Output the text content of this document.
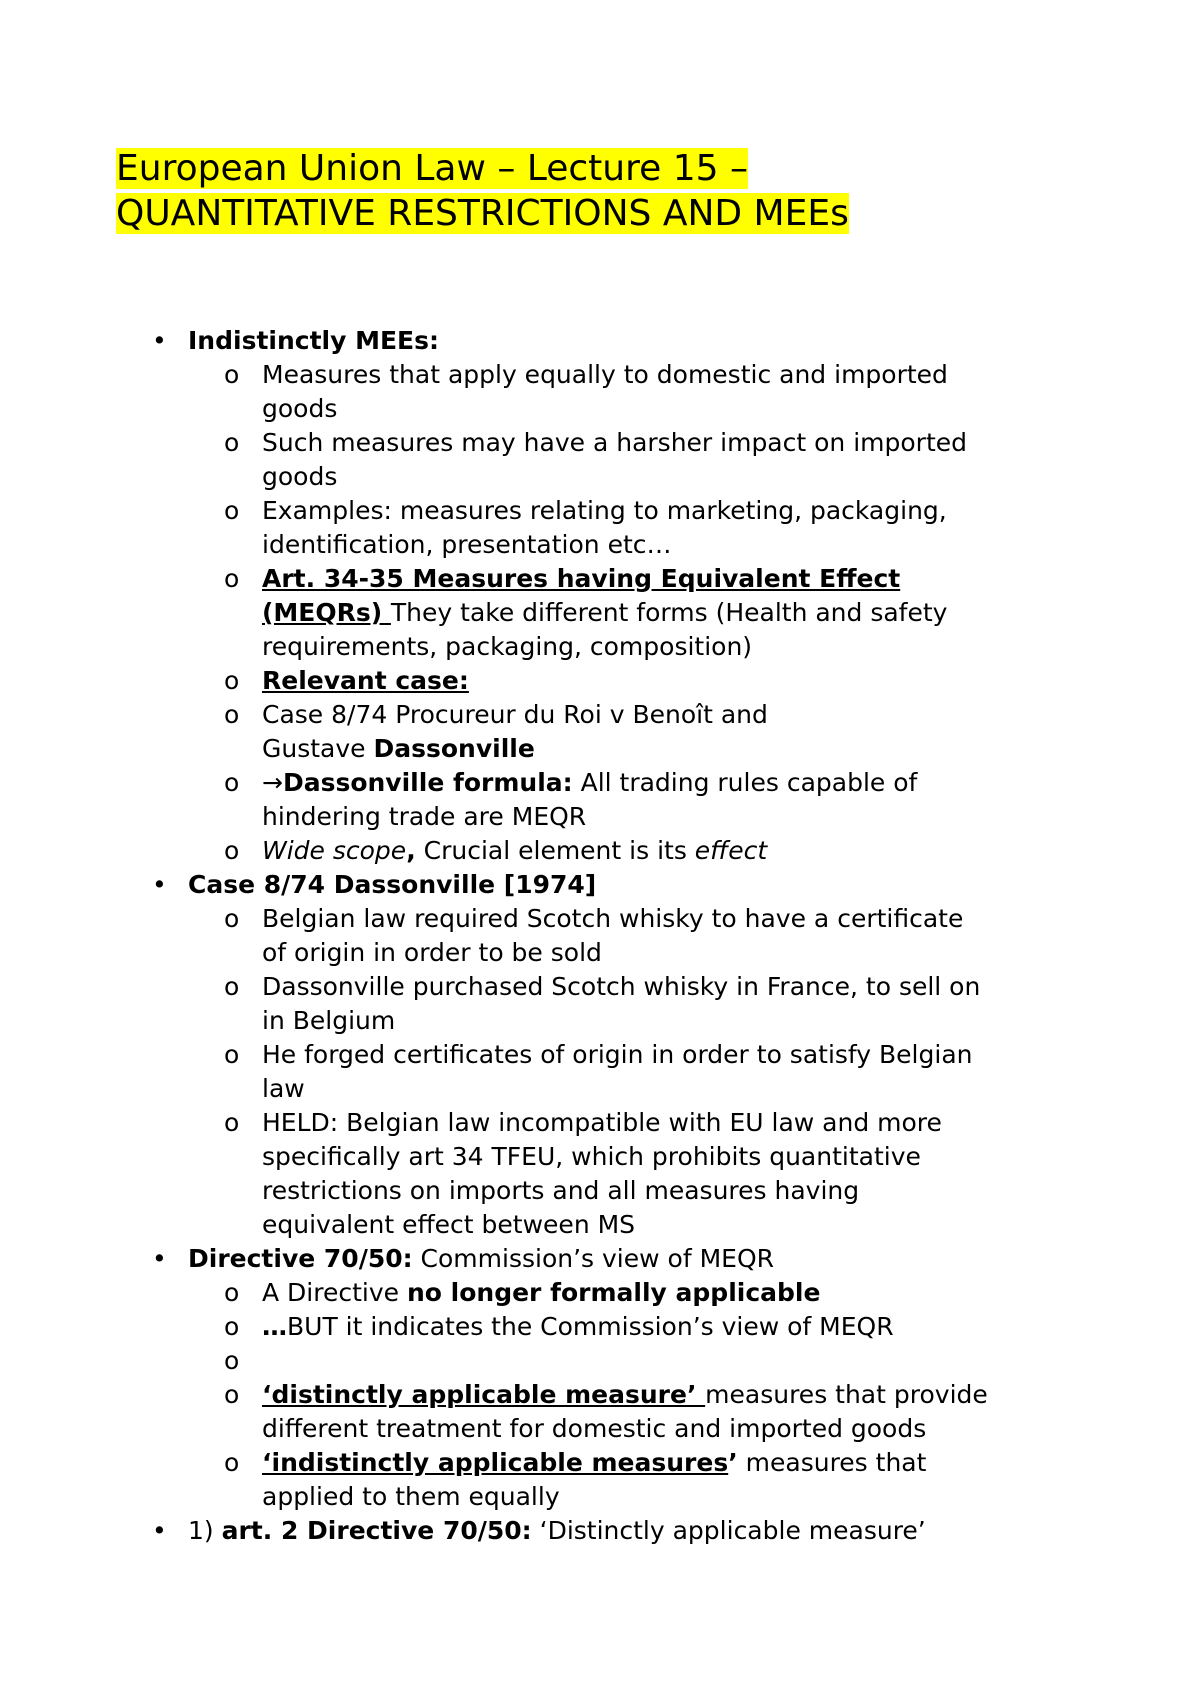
European Union Law – Lecture 15 –
QUANTITATIVE RESTRICTIONS AND MEEs
• Indistinctly MEEs:
o Measures that apply equally to domestic and imported
goods
o Such measures may have a harsher impact on imported
goods
o Examples: measures relating to marketing, packaging,
identification, presentation etc…
o Art. 34-35 Measures having Equivalent Effect
(MEQRs) They take different forms (Health and safety
requirements, packaging, composition)
o Relevant case:
o Case 8/74 Procureur du Roi v Benoît and
Gustave Dassonville
o →Dassonville formula: All trading rules capable of
hindering trade are MEQR
o Wide scope, Crucial element is its effect
• Case 8/74 Dassonville [1974]
o Belgian law required Scotch whisky to have a certificate
of origin in order to be sold
o Dassonville purchased Scotch whisky in France, to sell on
in Belgium
o He forged certificates of origin in order to satisfy Belgian
law
o HELD: Belgian law incompatible with EU law and more
specifically art 34 TFEU, which prohibits quantitative
restrictions on imports and all measures having
equivalent effect between MS
• Directive 70/50: Commission’s view of MEQR
o A Directive no longer formally applicable
o …BUT it indicates the Commission’s view of MEQR
o
o ‘distinctly applicable measure’ measures that provide
different treatment for domestic and imported goods
o ‘indistinctly applicable measures’ measures that
applied to them equally
• 1) art. 2 Directive 70/50: ‘Distinctly applicable measure’
